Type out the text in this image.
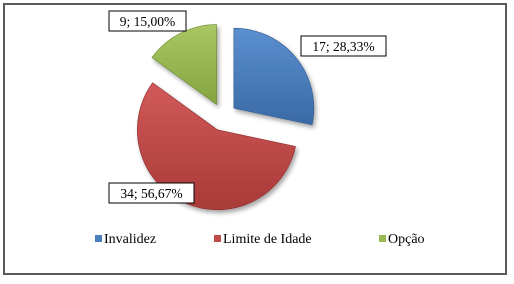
17; 28,33%
34; 56,67%
9; 15,00%
Invalidez	Limite de Idade	Opção
